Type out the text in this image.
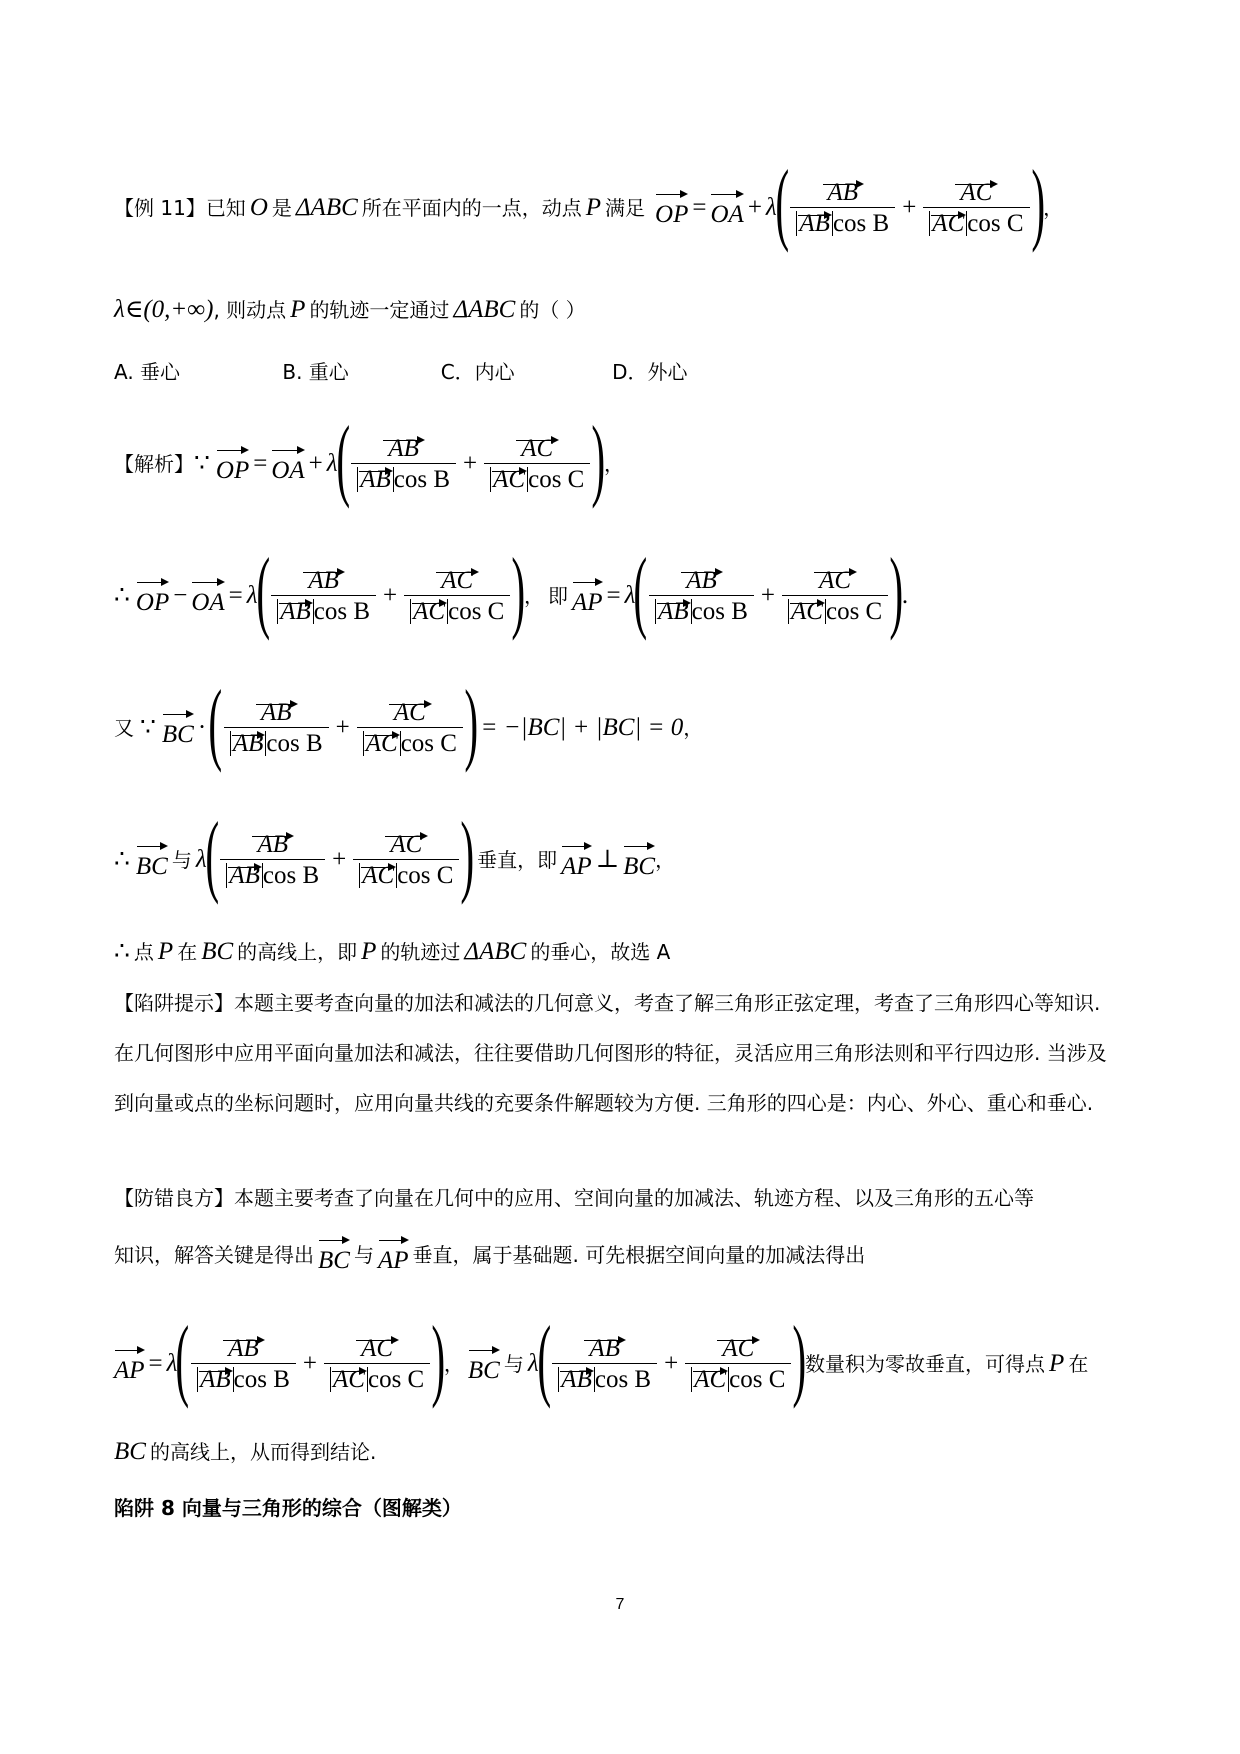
【例 11】 已知 O 是 ΔABC 所在平面内的一点，动点 P 满足 OP = OA + λ
( $\frac{AB}{\text{AB cos B}} + \frac{AC}{\text{AC cos C}}$ )
，
λ∈(0,+∞) , 则动点 P 的轨迹一定通过 ΔABC 的（ ）
A. 垂心	B. 重心	C．内心	D．外心
【解析】 ∵ OP = OA + λ
( $\frac{AB}{\text{AB cos B}} + \frac{AC}{\text{AC cos C}}$ )
，
∴ OP − OA = λ
( $\frac{AB}{\text{AB cos B}} + \frac{AC}{\text{AC cos C}}$ )
， 即 AP = λ
( $\frac{AB}{\text{AB cos B}} + \frac{AC}{\text{AC cos C}}$ )
.
又 ∵ BC · ( $\frac{AB}{\text{AB cos B}} + \frac{AC}{\text{AC cos C}}$ ) = −|BC| + |BC| = 0 ，
∴ BC 与 λ
( $\frac{AB}{\text{AB cos B}} + \frac{AC}{\text{AC cos C}}$ ) 垂直，即 AP ⊥ BC ，
∴ 点 P 在 BC 的高线上，即 P 的轨迹过 ΔABC 的垂心，故选 A
【陷阱提示】本题主要考查向量的加法和减法的几何意义，考查了解三角形正弦定理，考查了三角形四心等知识. 在几何图形中应用平面向量加法和减法，往往要借助几何图形的特征，灵活应用三角形法则和平行四边形. 当涉及到向量或点的坐标问题时，应用向量共线的充要条件解题较为方便. 三角形的四心是：内心、外心、重心和垂心.
【防错良方】 本题主要考查了向量在几何中的应用、空间向量的加减法、轨迹方程、以及三角形的五心等
知识，解答关键是得出 BC 与 AP 垂直，属于基础题. 可先根据空间向量的加减法得出
AP = λ
( $\frac{AB}{\text{AB cos B}} + \frac{AC}{\text{AC cos C}}$ )
， BC 与 λ
( $\frac{AB}{\text{AB cos B}} + \frac{AC}{\text{AC cos C}}$ )
数量积为零故垂直，可得点 P 在
BC 的高线上，从而得到结论.
陷阱 8 向量与三角形的综合（图解类）
7
